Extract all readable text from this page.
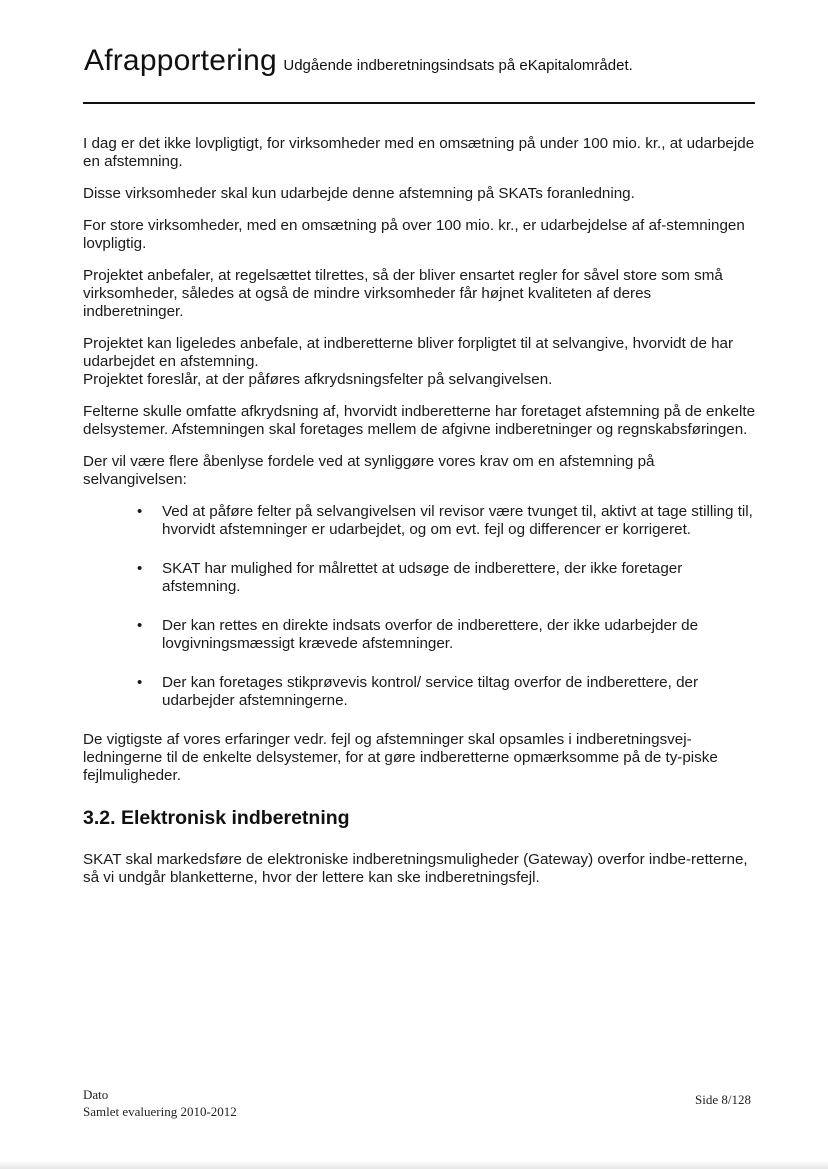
Afrapportering Udgående indberetningsindsats på eKapitalområdet.

I dag er det ikke lovpligtigt, for virksomheder med en omsætning på under 100 mio. kr., at udarbejde en afstemning.

Disse virksomheder skal kun udarbejde denne afstemning på SKATs foranledning.

For store virksomheder, med en omsætning på over 100 mio. kr., er udarbejdelse af af-stemningen lovpligtig.

Projektet anbefaler, at regelsættet tilrettes, så der bliver ensartet regler for såvel store som små virksomheder, således at også de mindre virksomheder får højnet kvaliteten af deres indberetninger.

Projektet kan ligeledes anbefale, at indberetterne bliver forpligtet til at selvangive, hvorvidt de har udarbejdet en afstemning.
Projektet foreslår, at der påføres afkrydsningsfelter på selvangivelsen.

Felterne skulle omfatte afkrydsning af, hvorvidt indberetterne har foretaget afstemning på de enkelte delsystemer. Afstemningen skal foretages mellem de afgivne indberetninger og regnskabsføringen.

Der vil være flere åbenlyse fordele ved at synliggøre vores krav om en afstemning på selvangivelsen:

• Ved at påføre felter på selvangivelsen vil revisor være tvunget til, aktivt at tage stilling til, hvorvidt afstemninger er udarbejdet, og om evt. fejl og differencer er korrigeret.
• SKAT har mulighed for målrettet at udsøge de indberettere, der ikke foretager afstemning.
• Der kan rettes en direkte indsats overfor de indberettere, der ikke udarbejder de lovgivningsmæssigt krævede afstemninger.
• Der kan foretages stikprøvevis kontrol/ service tiltag overfor de indberettere, der udarbejder afstemningerne.

De vigtigste af vores erfaringer vedr. fejl og afstemninger skal opsamles i indberetningsvej-ledningerne til de enkelte delsystemer, for at gøre indberetterne opmærksomme på de ty-piske fejlmuligheder.

3.2. Elektronisk indberetning

SKAT skal markedsføre de elektroniske indberetningsmuligheder (Gateway) overfor indbe-retterne, så vi undgår blanketterne, hvor der lettere kan ske indberetningsfejl.

Dato
Samlet evaluering 2010-2012
Side 8/128
